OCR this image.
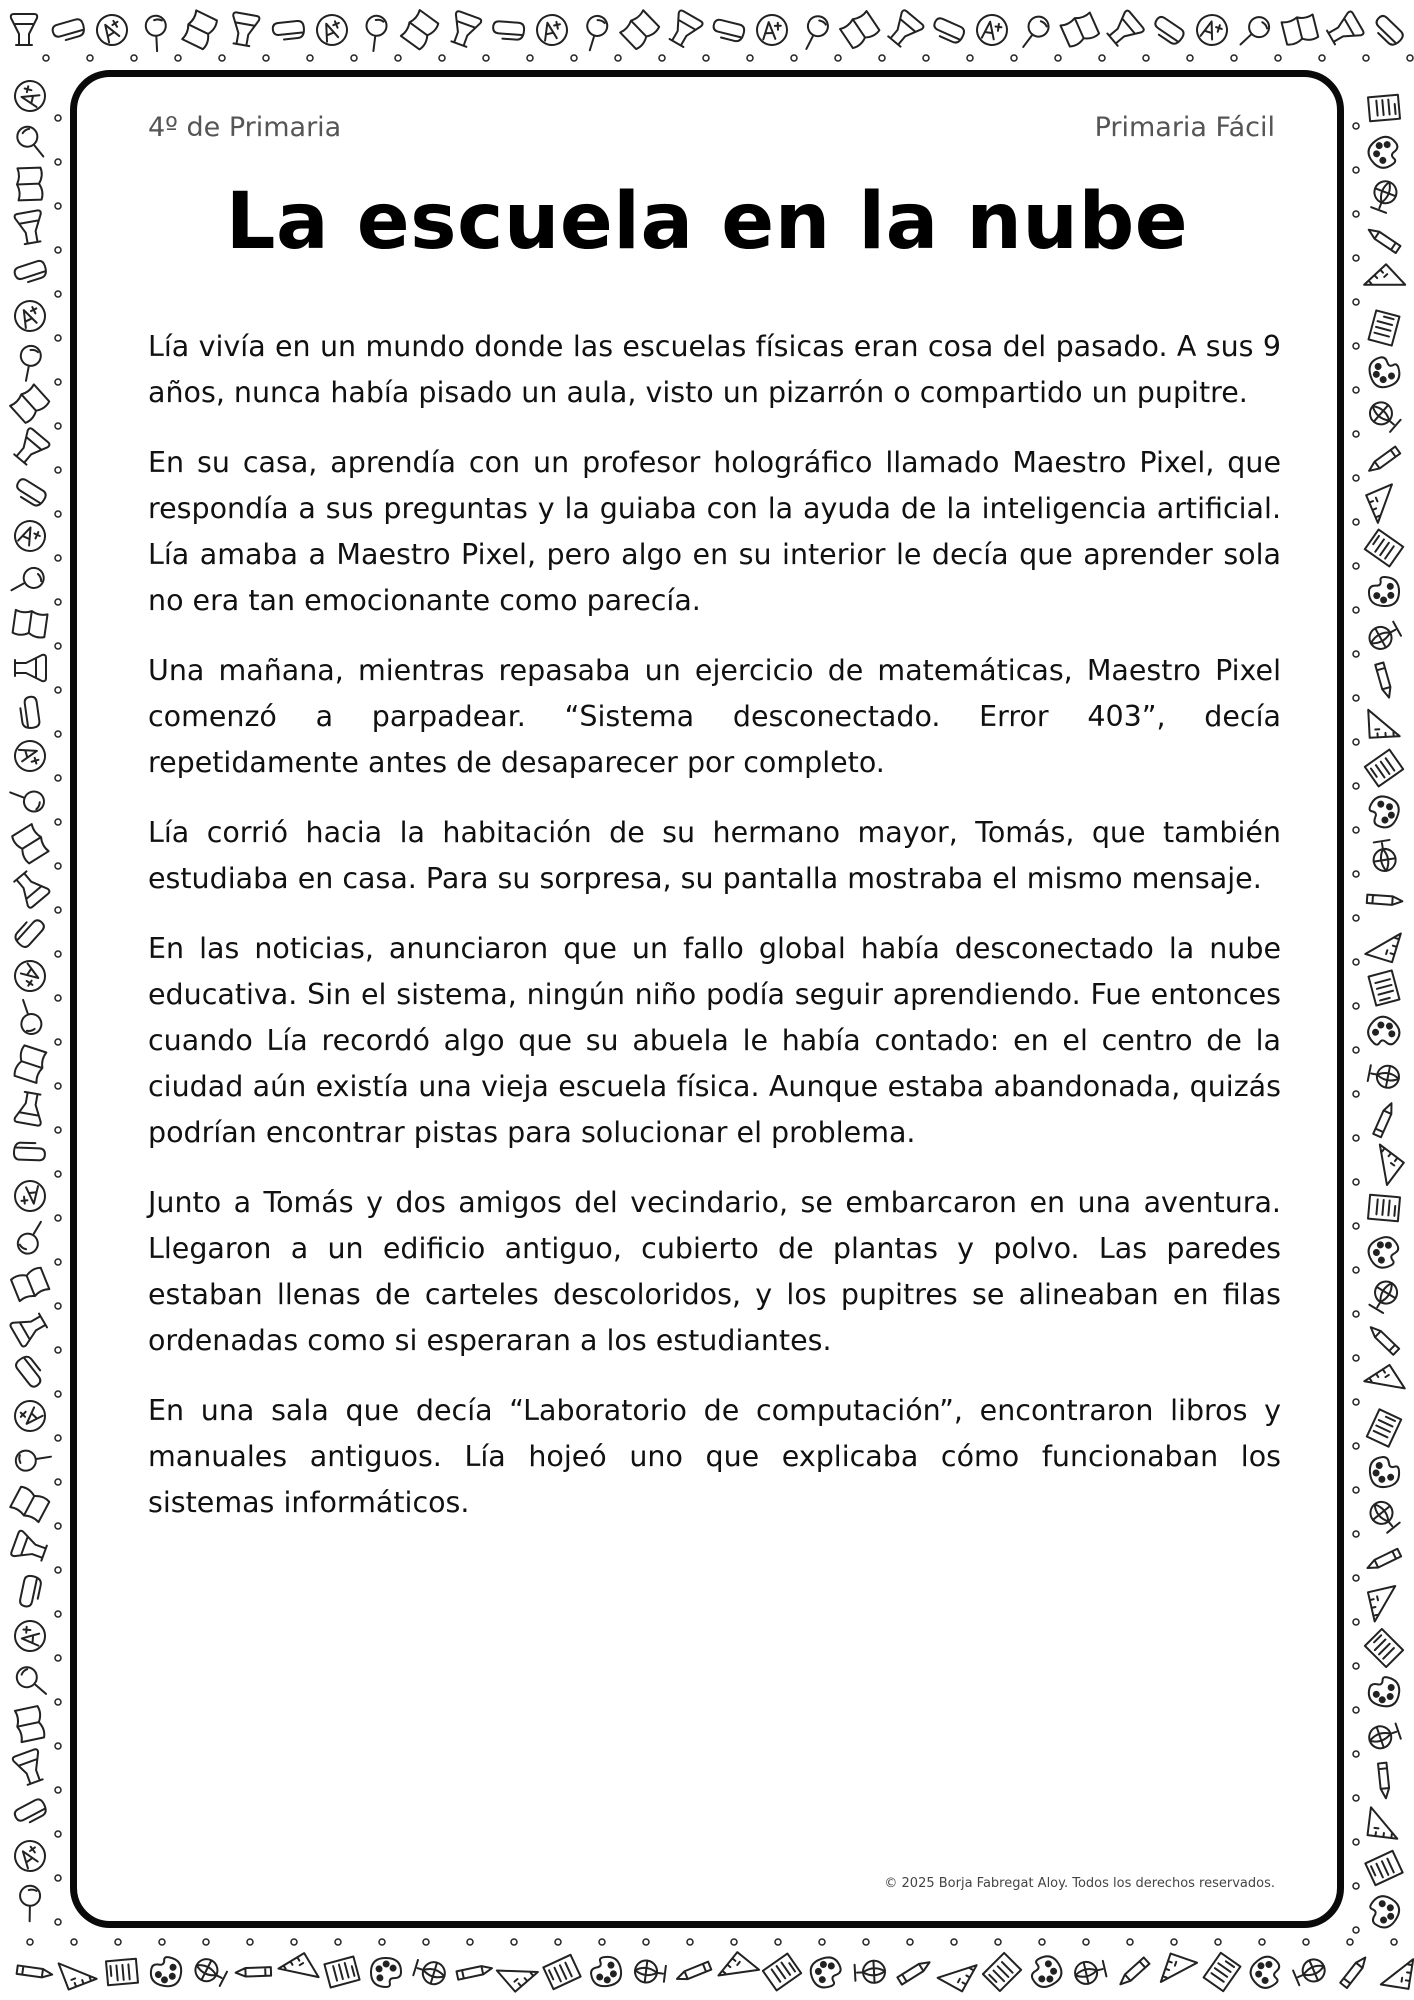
4º de Primaria	Primaria Fácil
La escuela en la nube

Lía vivía en un mundo donde las escuelas físicas eran cosa del pasado. A sus 9 años, nunca había pisado un aula, visto un pizarrón o compartido un pupitre.

En su casa, aprendía con un profesor holográfico llamado Maestro Pixel, que respondía a sus preguntas y la guiaba con la ayuda de la inteligencia artificial. Lía amaba a Maestro Pixel, pero algo en su interior le decía que aprender sola no era tan emocionante como parecía.

Una mañana, mientras repasaba un ejercicio de matemáticas, Maestro Pixel comenzó a parpadear. “Sistema desconectado. Error 403”, decía repetidamente antes de desaparecer por completo.

Lía corrió hacia la habitación de su hermano mayor, Tomás, que también estudiaba en casa. Para su sorpresa, su pantalla mostraba el mismo mensaje.

En las noticias, anunciaron que un fallo global había desconectado la nube educativa. Sin el sistema, ningún niño podía seguir aprendiendo. Fue entonces cuando Lía recordó algo que su abuela le había contado: en el centro de la ciudad aún existía una vieja escuela física. Aunque estaba abandonada, quizás podrían encontrar pistas para solucionar el problema.

Junto a Tomás y dos amigos del vecindario, se embarcaron en una aventura. Llegaron a un edificio antiguo, cubierto de plantas y polvo. Las paredes estaban llenas de carteles descoloridos, y los pupitres se alineaban en filas ordenadas como si esperaran a los estudiantes.

En una sala que decía “Laboratorio de computación”, encontraron libros y manuales antiguos. Lía hojeó uno que explicaba cómo funcionaban los sistemas informáticos.

© 2025 Borja Fabregat Aloy. Todos los derechos reservados.
